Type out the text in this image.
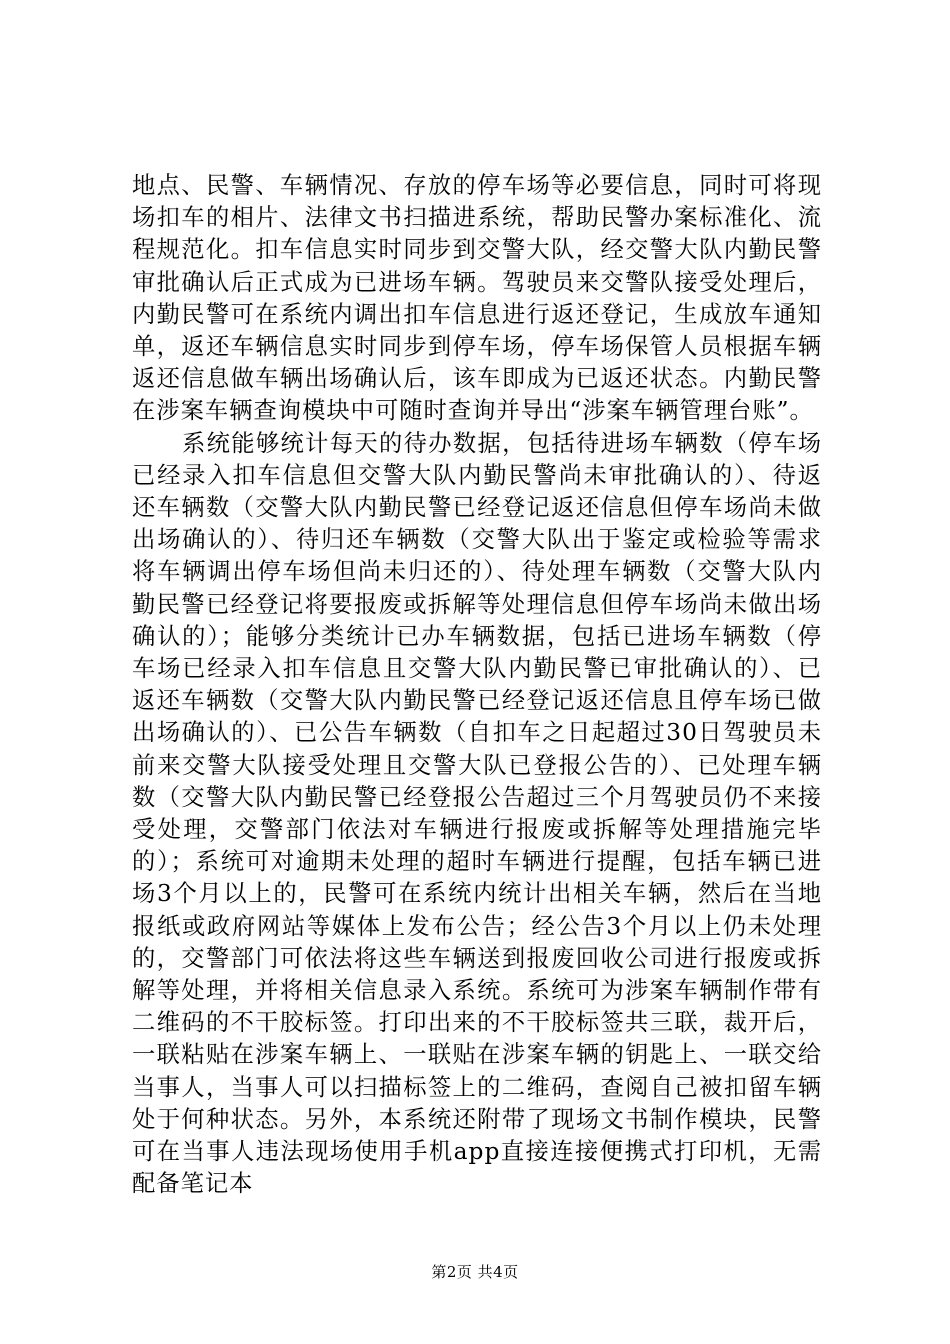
地点、民警、车辆情况、存放的停车场等必要信息，同时可将现场扣车的相片、法律文书扫描进系统，帮助民警办案标准化、流程规范化。扣车信息实时同步到交警大队，经交警大队内勤民警审批确认后正式成为已进场车辆。驾驶员来交警队接受处理后，内勤民警可在系统内调出扣车信息进行返还登记，生成放车通知单，返还车辆信息实时同步到停车场，停车场保管人员根据车辆返还信息做车辆出场确认后，该车即成为已返还状态。内勤民警在涉案车辆查询模块中可随时查询并导出“涉案车辆管理台账”。

系统能够统计每天的待办数据，包括待进场车辆数（停车场已经录入扣车信息但交警大队内勤民警尚未审批确认的）、待返还车辆数（交警大队内勤民警已经登记返还信息但停车场尚未做出场确认的）、待归还车辆数（交警大队出于鉴定或检验等需求将车辆调出停车场但尚未归还的）、待处理车辆数（交警大队内勤民警已经登记将要报废或拆解等处理信息但停车场尚未做出场确认的）；能够分类统计已办车辆数据，包括已进场车辆数（停车场已经录入扣车信息且交警大队内勤民警已审批确认的）、已返还车辆数（交警大队内勤民警已经登记返还信息且停车场已做出场确认的）、已公告车辆数（自扣车之日起超过30日驾驶员未前来交警大队接受处理且交警大队已登报公告的）、已处理车辆数（交警大队内勤民警已经登报公告超过三个月驾驶员仍不来接受处理，交警部门依法对车辆进行报废或拆解等处理措施完毕的）；系统可对逾期未处理的超时车辆进行提醒，包括车辆已进场3个月以上的，民警可在系统内统计出相关车辆，然后在当地报纸或政府网站等媒体上发布公告；经公告3个月以上仍未处理的，交警部门可依法将这些车辆送到报废回收公司进行报废或拆解等处理，并将相关信息录入系统。系统可为涉案车辆制作带有二维码的不干胶标签。打印出来的不干胶标签共三联，裁开后，一联粘贴在涉案车辆上、一联贴在涉案车辆的钥匙上、一联交给当事人，当事人可以扫描标签上的二维码，查阅自己被扣留车辆处于何种状态。另外，本系统还附带了现场文书制作模块，民警可在当事人违法现场使用手机app直接连接便携式打印机，无需配备笔记本

第2页 共4页
